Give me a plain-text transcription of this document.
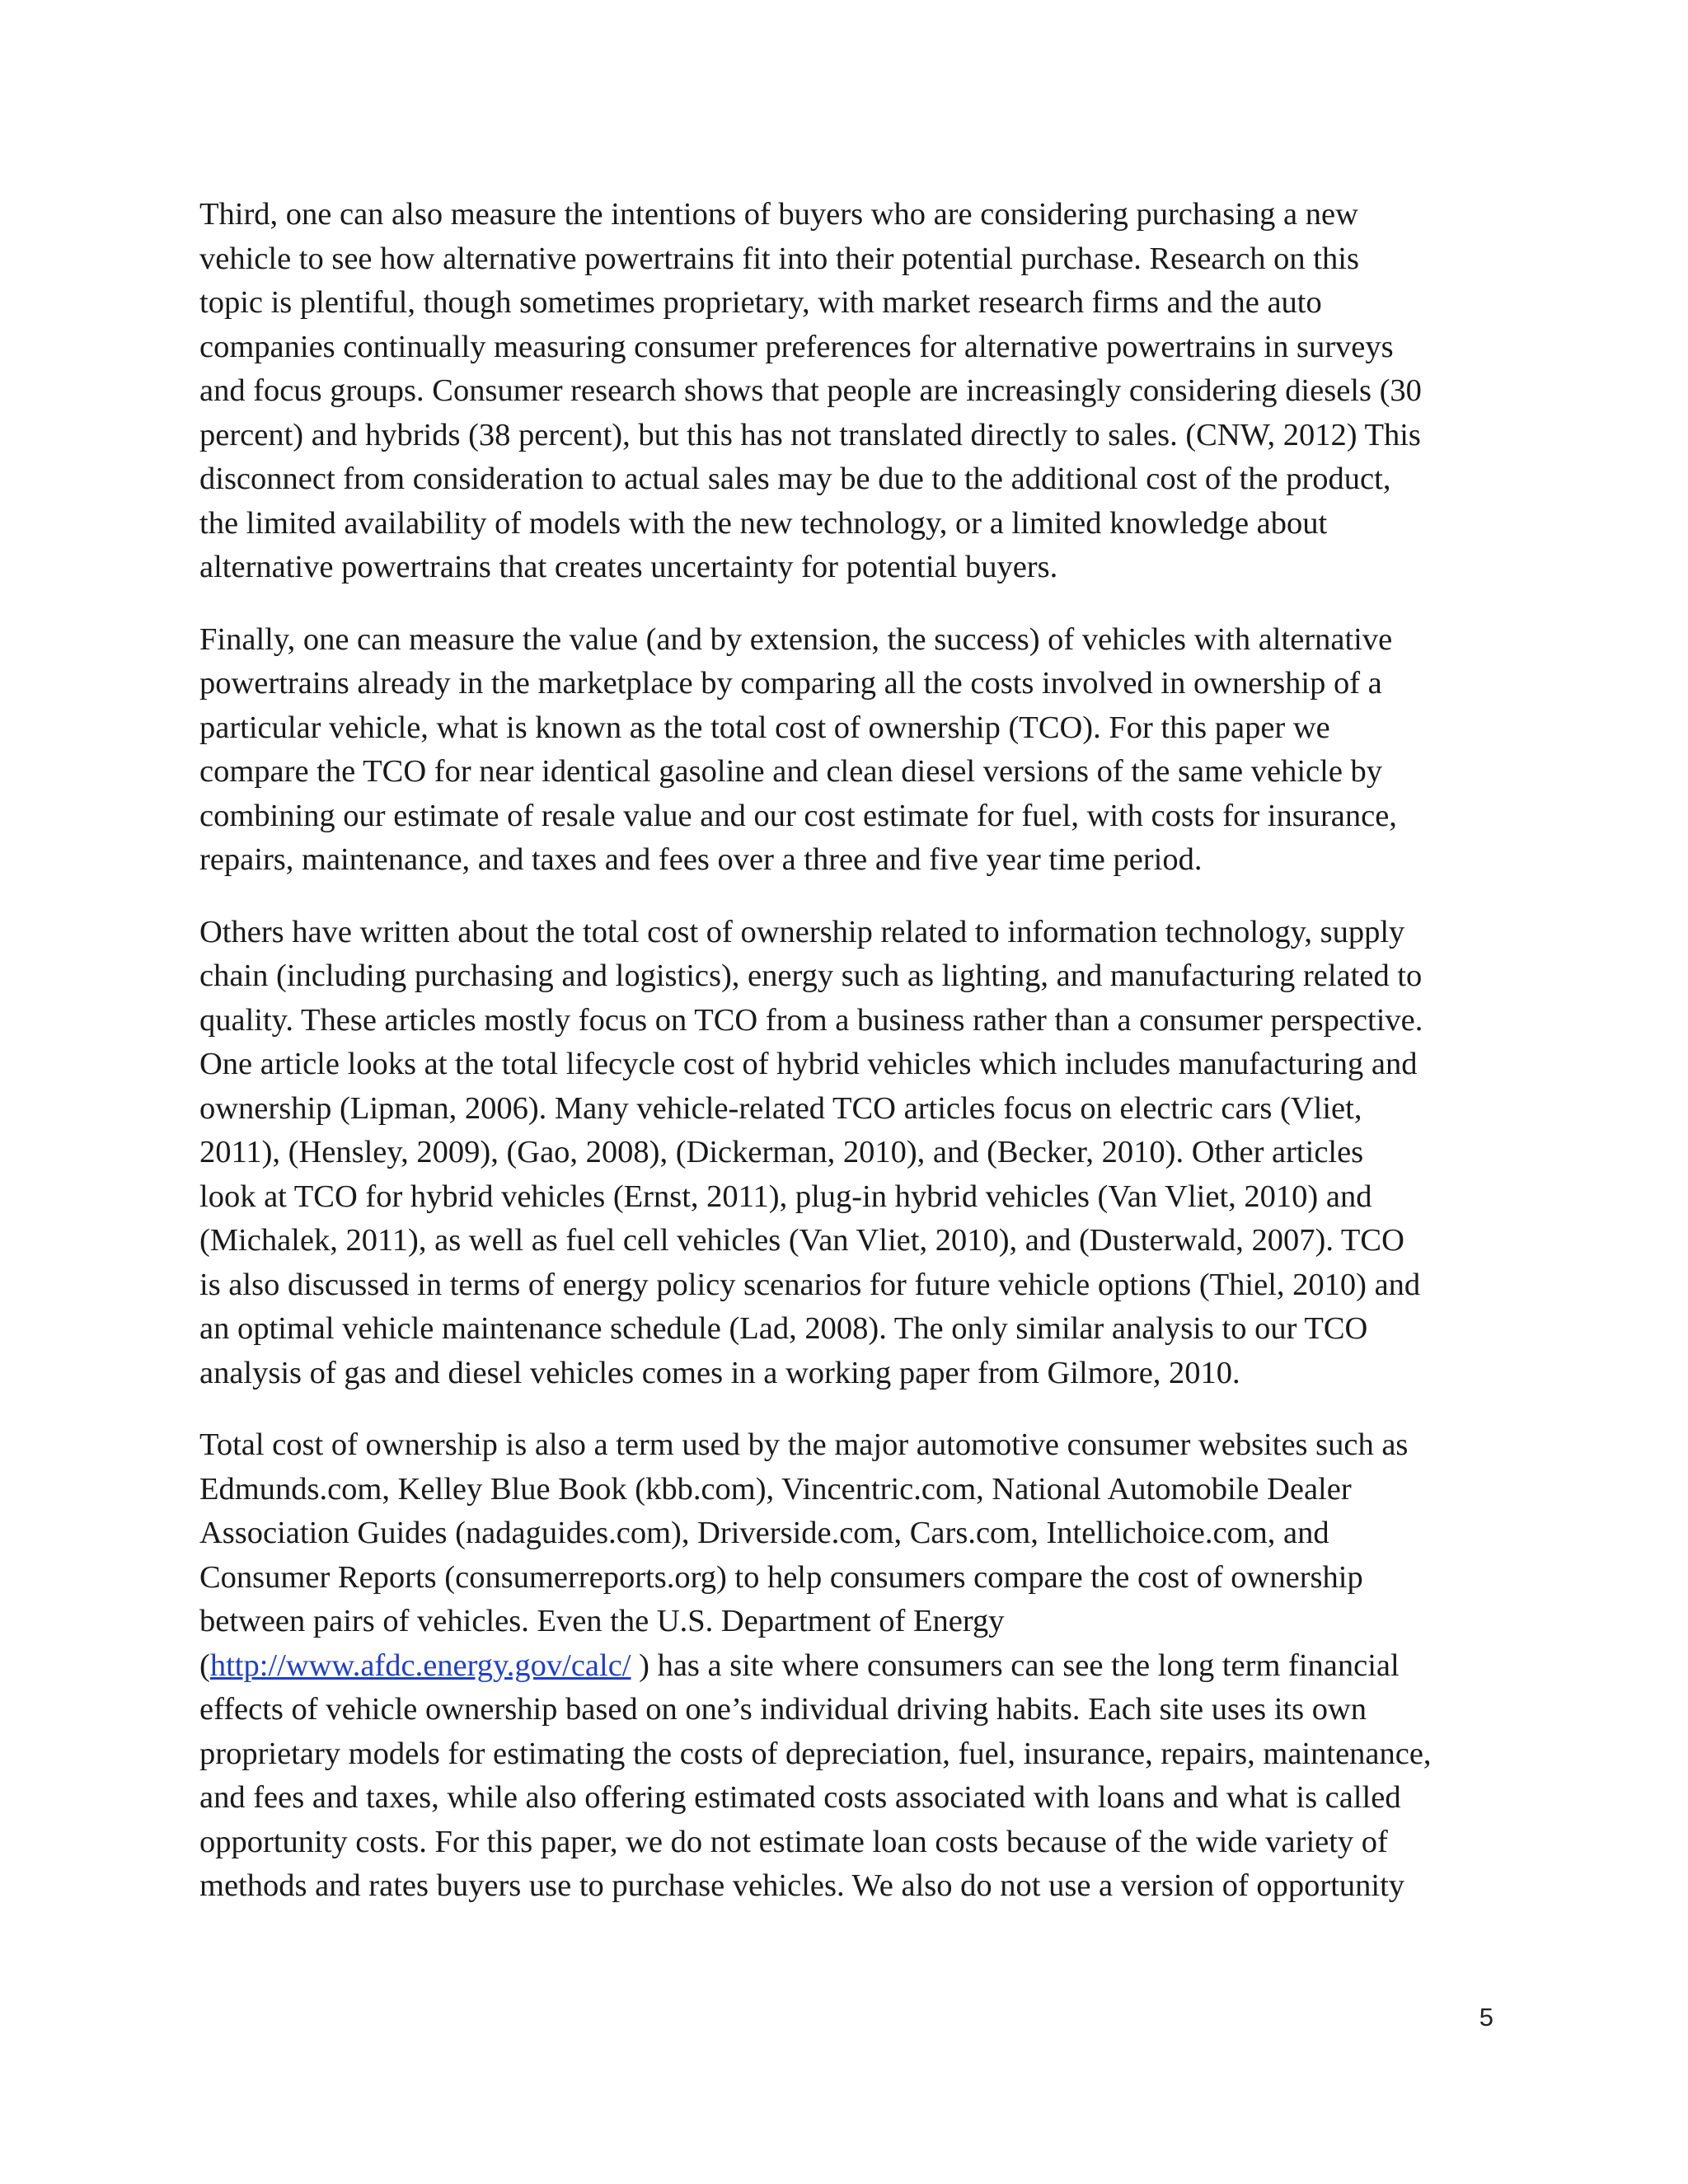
Third, one can also measure the intentions of buyers who are considering purchasing a new
vehicle to see how alternative powertrains fit into their potential purchase. Research on this
topic is plentiful, though sometimes proprietary, with market research firms and the auto
companies continually measuring consumer preferences for alternative powertrains in surveys
and focus groups. Consumer research shows that people are increasingly considering diesels (30
percent) and hybrids (38 percent), but this has not translated directly to sales. (CNW, 2012) This
disconnect from consideration to actual sales may be due to the additional cost of the product,
the limited availability of models with the new technology, or a limited knowledge about
alternative powertrains that creates uncertainty for potential buyers.

Finally, one can measure the value (and by extension, the success) of vehicles with alternative
powertrains already in the marketplace by comparing all the costs involved in ownership of a
particular vehicle, what is known as the total cost of ownership (TCO). For this paper we
compare the TCO for near identical gasoline and clean diesel versions of the same vehicle by
combining our estimate of resale value and our cost estimate for fuel, with costs for insurance,
repairs, maintenance, and taxes and fees over a three and five year time period.

Others have written about the total cost of ownership related to information technology, supply
chain (including purchasing and logistics), energy such as lighting, and manufacturing related to
quality. These articles mostly focus on TCO from a business rather than a consumer perspective.
One article looks at the total lifecycle cost of hybrid vehicles which includes manufacturing and
ownership (Lipman, 2006). Many vehicle-related TCO articles focus on electric cars (Vliet,
2011), (Hensley, 2009), (Gao, 2008), (Dickerman, 2010), and (Becker, 2010). Other articles
look at TCO for hybrid vehicles (Ernst, 2011), plug-in hybrid vehicles (Van Vliet, 2010) and
(Michalek, 2011), as well as fuel cell vehicles (Van Vliet, 2010), and (Dusterwald, 2007). TCO
is also discussed in terms of energy policy scenarios for future vehicle options (Thiel, 2010) and
an optimal vehicle maintenance schedule (Lad, 2008). The only similar analysis to our TCO
analysis of gas and diesel vehicles comes in a working paper from Gilmore, 2010.

Total cost of ownership is also a term used by the major automotive consumer websites such as
Edmunds.com, Kelley Blue Book (kbb.com), Vincentric.com, National Automobile Dealer
Association Guides (nadaguides.com), Driverside.com, Cars.com, Intellichoice.com, and
Consumer Reports (consumerreports.org) to help consumers compare the cost of ownership
between pairs of vehicles. Even the U.S. Department of Energy
(http://www.afdc.energy.gov/calc/ ) has a site where consumers can see the long term financial
effects of vehicle ownership based on one’s individual driving habits. Each site uses its own
proprietary models for estimating the costs of depreciation, fuel, insurance, repairs, maintenance,
and fees and taxes, while also offering estimated costs associated with loans and what is called
opportunity costs. For this paper, we do not estimate loan costs because of the wide variety of
methods and rates buyers use to purchase vehicles. We also do not use a version of opportunity

5
